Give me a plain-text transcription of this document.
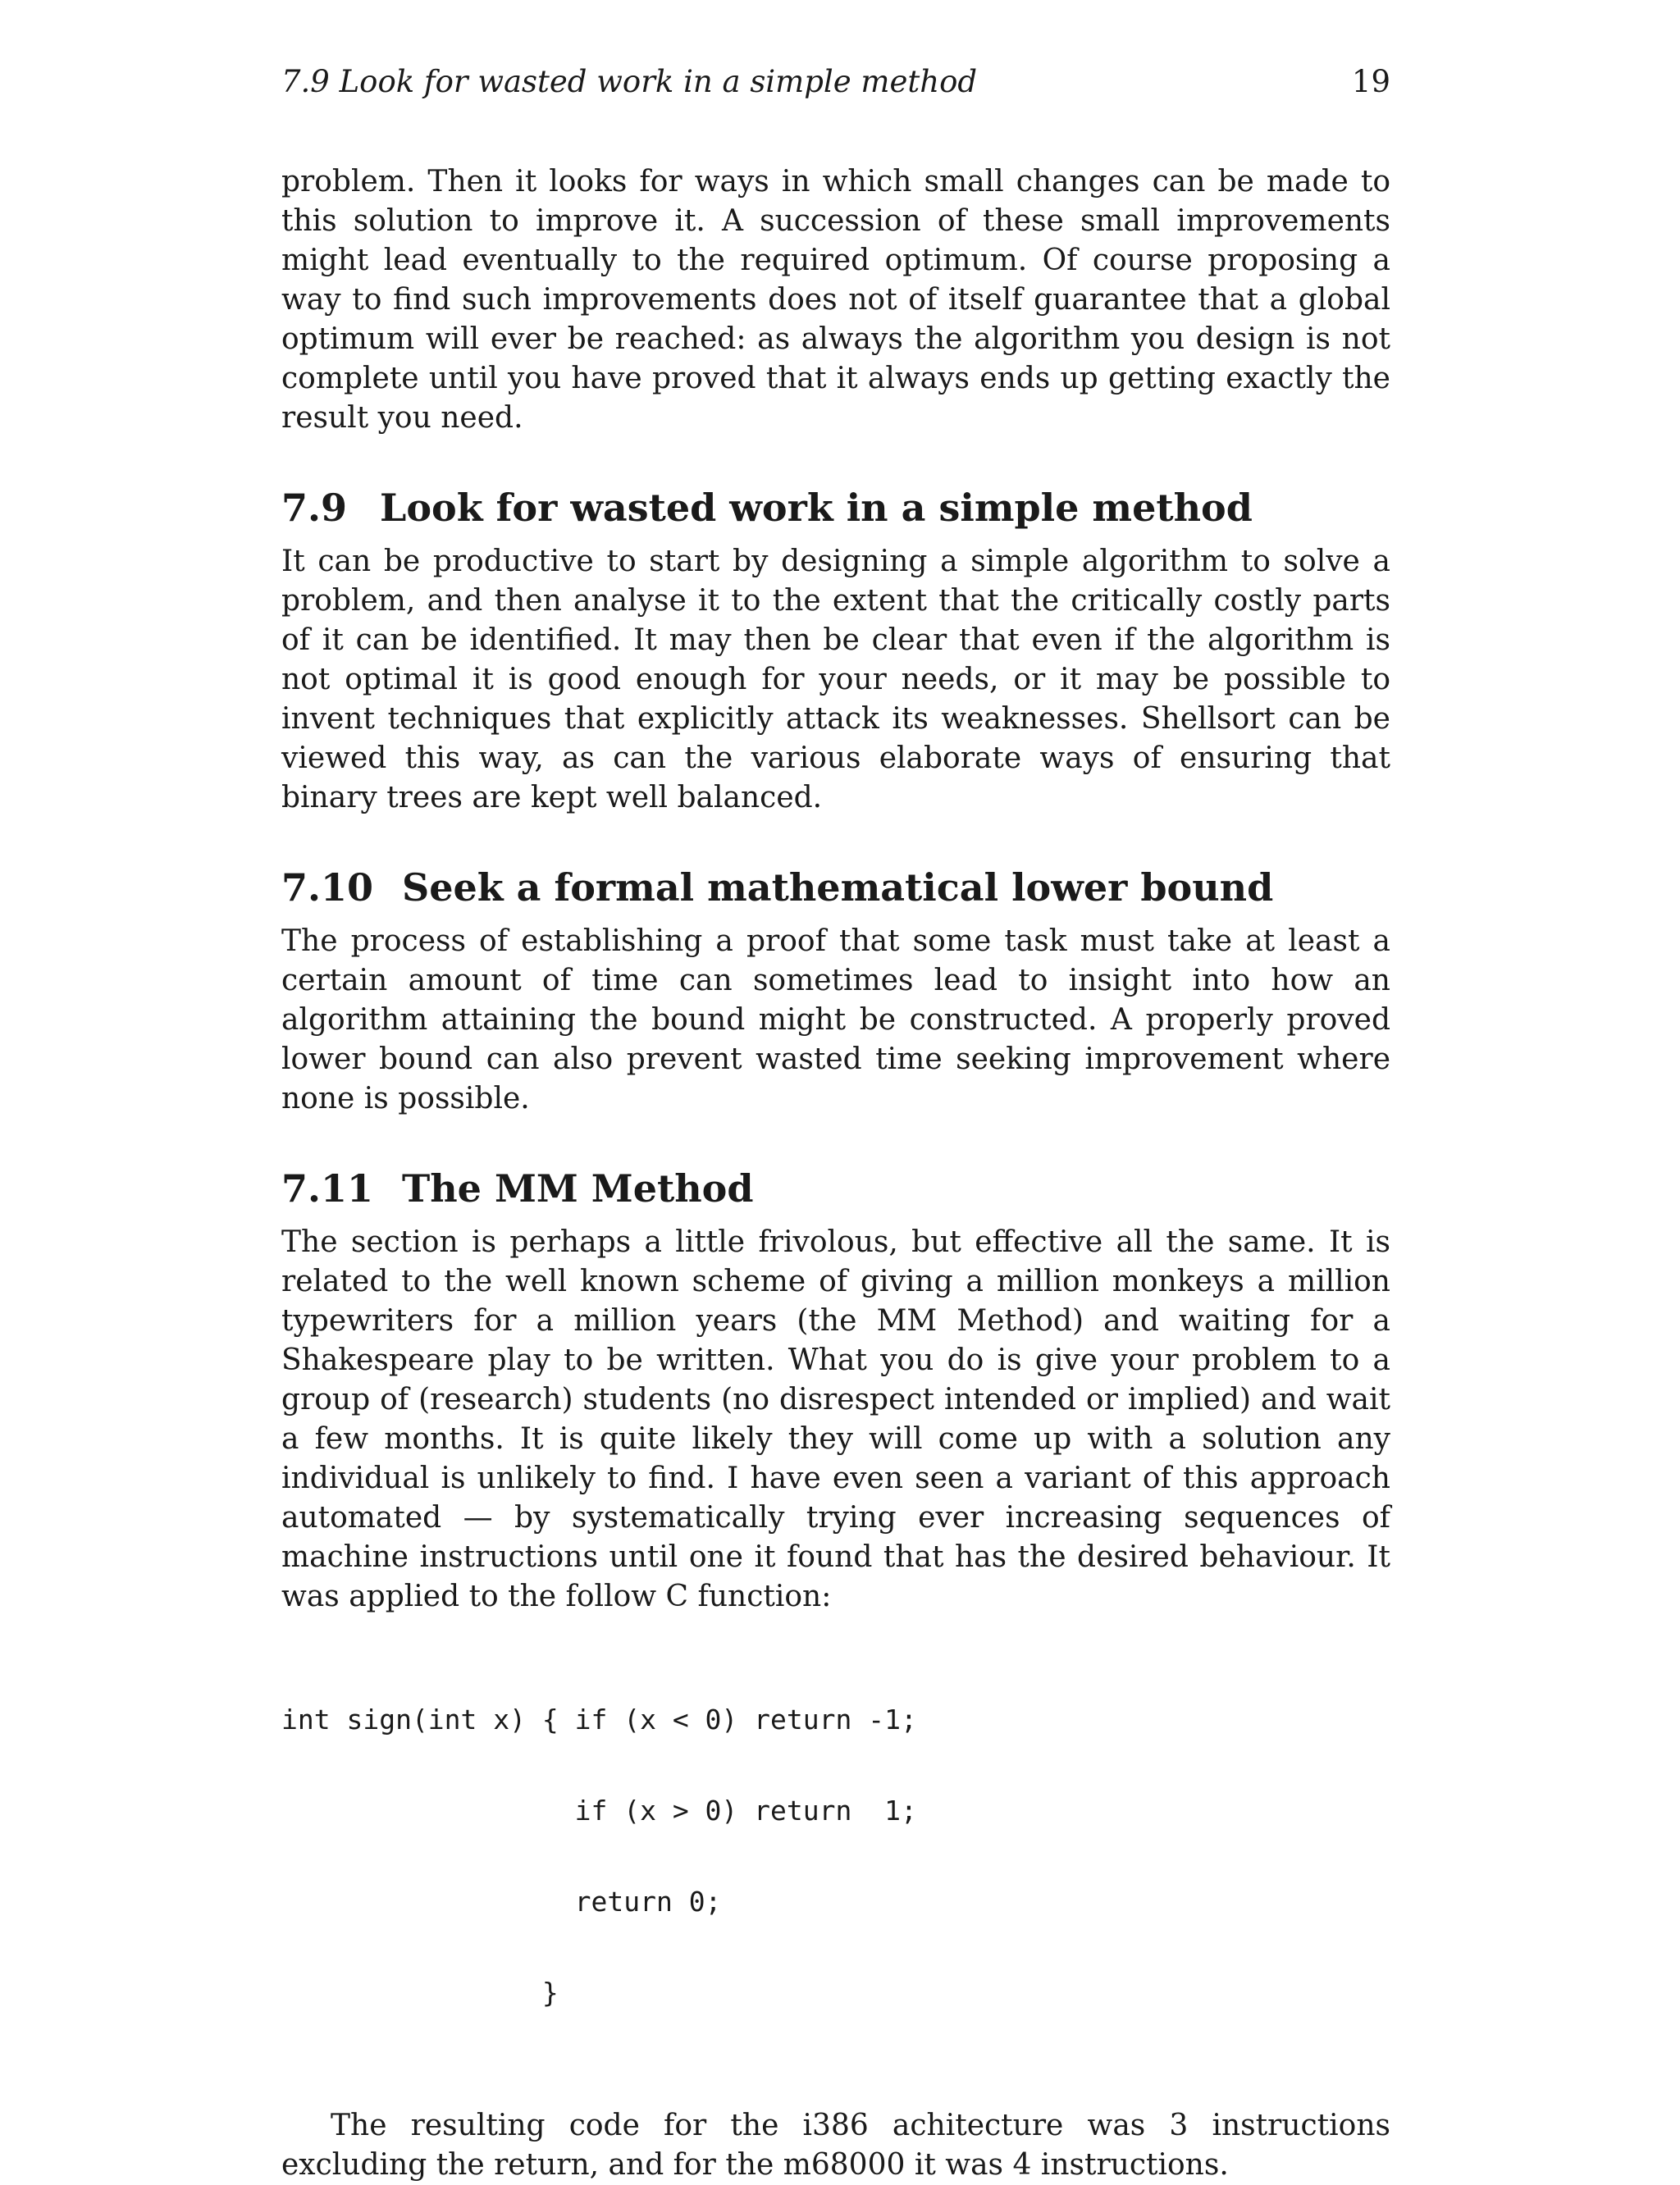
7.9 Look for wasted work in a simple method	19

problem. Then it looks for ways in which small changes can be made to this solution to improve it. A succession of these small improvements might lead eventually to the required optimum. Of course proposing a way to find such improvements does not of itself guarantee that a global optimum will ever be reached: as always the algorithm you design is not complete until you have proved that it always ends up getting exactly the result you need.

7.9 Look for wasted work in a simple method

It can be productive to start by designing a simple algorithm to solve a problem, and then analyse it to the extent that the critically costly parts of it can be identified. It may then be clear that even if the algorithm is not optimal it is good enough for your needs, or it may be possible to invent techniques that explicitly attack its weaknesses. Shellsort can be viewed this way, as can the various elaborate ways of ensuring that binary trees are kept well balanced.

7.10 Seek a formal mathematical lower bound

The process of establishing a proof that some task must take at least a certain amount of time can sometimes lead to insight into how an algorithm attaining the bound might be constructed. A properly proved lower bound can also prevent wasted time seeking improvement where none is possible.

7.11 The MM Method

The section is perhaps a little frivolous, but effective all the same. It is related to the well known scheme of giving a million monkeys a million typewriters for a million years (the MM Method) and waiting for a Shakespeare play to be written. What you do is give your problem to a group of (research) students (no disrespect intended or implied) and wait a few months. It is quite likely they will come up with a solution any individual is unlikely to find. I have even seen a variant of this approach automated — by systematically trying ever increasing sequences of machine instructions until one it found that has the desired behaviour. It was applied to the follow C function:

int sign(int x) { if (x < 0) return -1;

if (x > 0) return  1;

return 0;

}

The resulting code for the i386 achitecture was 3 instructions excluding the return, and for the m68000 it was 4 instructions.
